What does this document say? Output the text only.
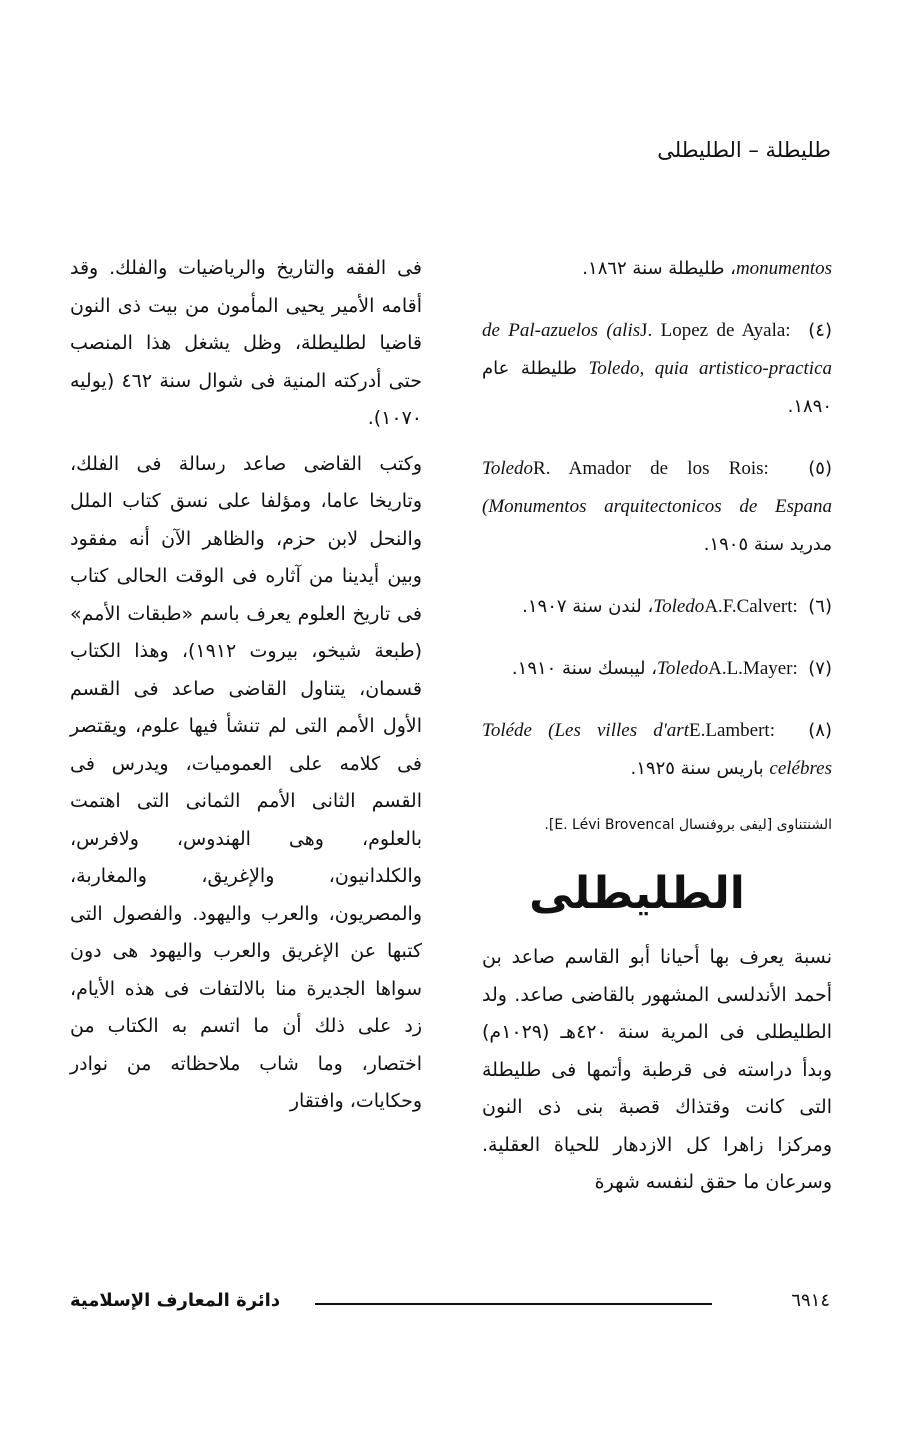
طليطلة – الطليطلى

monumentos، طليطلة سنة ١٨٦٢.

(٤) J. Lopez de Ayala: de Pal-azuelos (alis Toledo, quia artistico-practica طليطلة عام ١٨٩٠.

(٥) R. Amador de los Rois: Toledo (Monumentos arquitectonicos de Espana مدريد سنة ١٩٠٥.

(٦) A.F.Calvert: Toledo، لندن سنة ١٩٠٧.

(٧) A.L.Mayer: Toledo، ليبسك سنة ١٩١٠.

(٨) E.Lambert: Toléde (Les villes d'art celébres باريس سنة ١٩٢٥.

الشنتناوى [ليفى بروفنسال E. Lévi Brovencal].
الطليطلى

نسبة يعرف بها أحيانا أبو القاسم صاعد بن أحمد الأندلسى المشهور بالقاضى صاعد. ولد الطليطلى فى المرية سنة ٤٢٠هـ (١٠٢٩م) وبدأ دراسته فى قرطبة وأتمها فى طليطلة التى كانت وقتذاك قصبة بنى ذى النون ومركزا زاهرا كل الازدهار للحياة العقلية. وسرعان ما حقق لنفسه شهرة

فى الفقه والتاريخ والرياضيات والفلك. وقد أقامه الأمير يحيى المأمون من بيت ذى النون قاضيا لطليطلة، وظل يشغل هذا المنصب حتى أدركته المنية فى شوال سنة ٤٦٢ (يوليه ١٠٧٠).

وكتب القاضى صاعد رسالة فى الفلك، وتاريخا عاما، ومؤلفا على نسق كتاب الملل والنحل لابن حزم، والظاهر الآن أنه مفقود وبين أيدينا من آثاره فى الوقت الحالى كتاب فى تاريخ العلوم يعرف باسم «طبقات الأمم» (طبعة شيخو، بيروت ١٩١٢)، وهذا الكتاب قسمان، يتناول القاضى صاعد فى القسم الأول الأمم التى لم تنشأ فيها علوم، ويقتصر فى كلامه على العموميات، ويدرس فى القسم الثانى الأمم الثمانى التى اهتمت بالعلوم، وهى الهندوس، ولافرس، والكلدانيون، والإغريق، والمغاربة، والمصريون، والعرب واليهود. والفصول التى كتبها عن الإغريق والعرب واليهود هى دون سواها الجديرة منا بالالتفات فى هذه الأيام، زد على ذلك أن ما اتسم به الكتاب من اختصار، وما شاب ملاحظاته من نوادر وحكايات، وافتقار

٦٩١٤
دائرة المعارف الإسلامية
